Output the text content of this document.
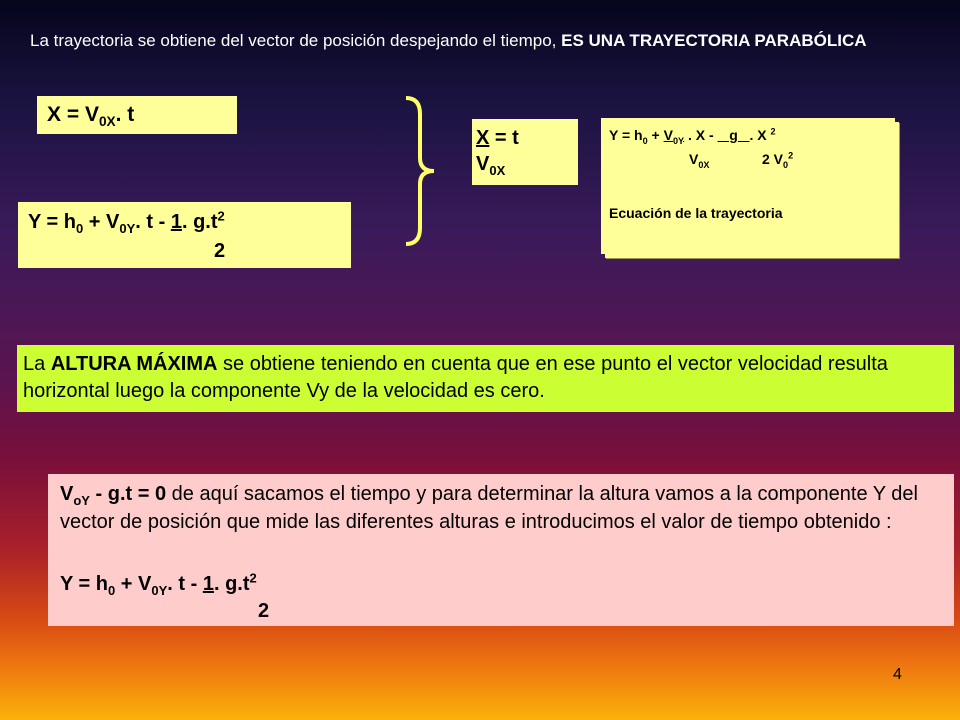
La trayectoria se obtiene del vector de posición despejando el tiempo, ES UNA TRAYECTORIA PARABÓLICA
$X = V_{0X}$. t
$Y = h_0 + V_{0Y}$. t - 1. $g.t^2$
2
X = t
$V_{0X}$
$Y = h_0 + V_{0Y}$ . X -    g   . X $^2$
$V_{0X}$	2 $V_0^2$
Ecuación de la trayectoria
La ALTURA MÁXIMA se obtiene teniendo en cuenta que en ese punto el vector velocidad resulta horizontal luego la componente Vy de la velocidad es cero.
$V_{oY} - g.t = 0$ de aquí sacamos el tiempo y para determinar la altura vamos a la componente Y del vector de posición que mide las diferentes alturas e introducimos el valor de tiempo obtenido :
$Y = h_0 + V_{0Y}$. t - 1. $g.t^2$
2
4
